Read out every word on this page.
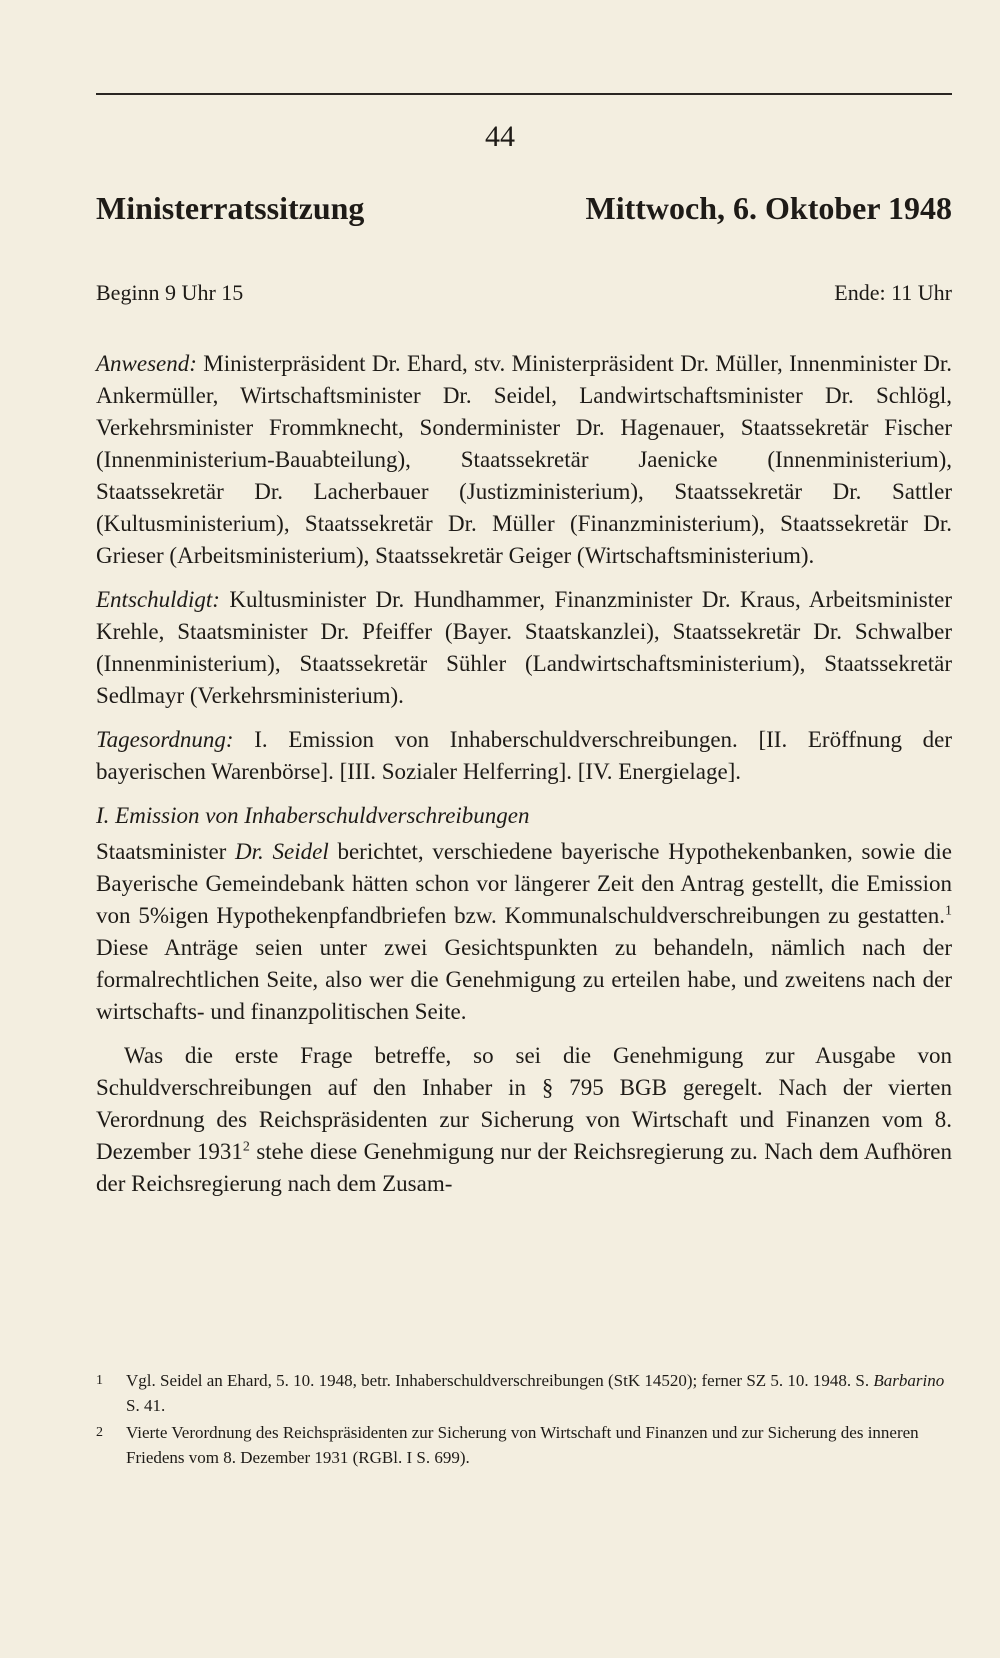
44
Ministerratssitzung	Mittwoch, 6. Oktober 1948
Beginn 9 Uhr 15	Ende: 11 Uhr

Anwesend: Ministerpräsident Dr. Ehard, stv. Ministerpräsident Dr. Müller, Innenminister Dr. Ankermüller, Wirtschaftsminister Dr. Seidel, Landwirtschaftsminister Dr. Schlögl, Verkehrsminister Frommknecht, Sonderminister Dr. Hagenauer, Staatssekretär Fischer (Innenministerium-Bauabteilung), Staatssekretär Jaenicke (Innenministerium), Staatssekretär Dr. Lacherbauer (Justizministerium), Staatssekretär Dr. Sattler (Kultusministerium), Staatssekretär Dr. Müller (Finanzministerium), Staatssekretär Dr. Grieser (Arbeitsministerium), Staatssekretär Geiger (Wirtschaftsministerium).

Entschuldigt: Kultusminister Dr. Hundhammer, Finanzminister Dr. Kraus, Arbeitsminister Krehle, Staatsminister Dr. Pfeiffer (Bayer. Staatskanzlei), Staatssekretär Dr. Schwalber (Innenministerium), Staatssekretär Sühler (Landwirtschaftsministerium), Staatssekretär Sedlmayr (Verkehrsministerium).

Tagesordnung: I. Emission von Inhaberschuldverschreibungen. [II. Eröffnung der bayerischen Warenbörse]. [III. Sozialer Helferring]. [IV. Energielage].

I. Emission von Inhaberschuldverschreibungen

Staatsminister Dr. Seidel berichtet, verschiedene bayerische Hypothekenbanken, sowie die Bayerische Gemeindebank hätten schon vor längerer Zeit den Antrag gestellt, die Emission von 5%igen Hypothekenpfandbriefen bzw. Kommunalschuldverschreibungen zu gestatten.$^1$ Diese Anträge seien unter zwei Gesichtspunkten zu behandeln, nämlich nach der formalrechtlichen Seite, also wer die Genehmigung zu erteilen habe, und zweitens nach der wirtschafts- und finanzpolitischen Seite.

Was die erste Frage betreffe, so sei die Genehmigung zur Ausgabe von Schuldverschreibungen auf den Inhaber in § 795 BGB geregelt. Nach der vierten Verordnung des Reichspräsidenten zur Sicherung von Wirtschaft und Finanzen vom 8. Dezember 1931$^2$ stehe diese Genehmigung nur der Reichsregierung zu. Nach dem Aufhören der Reichsregierung nach dem Zusam-

1	Vgl. Seidel an Ehard, 5. 10. 1948, betr. Inhaberschuldverschreibungen (StK 14520); ferner SZ 5. 10. 1948. S. Barbarino S. 41.
2	Vierte Verordnung des Reichspräsidenten zur Sicherung von Wirtschaft und Finanzen und zur Sicherung des inneren Friedens vom 8. Dezember 1931 (RGBl. I S. 699).
